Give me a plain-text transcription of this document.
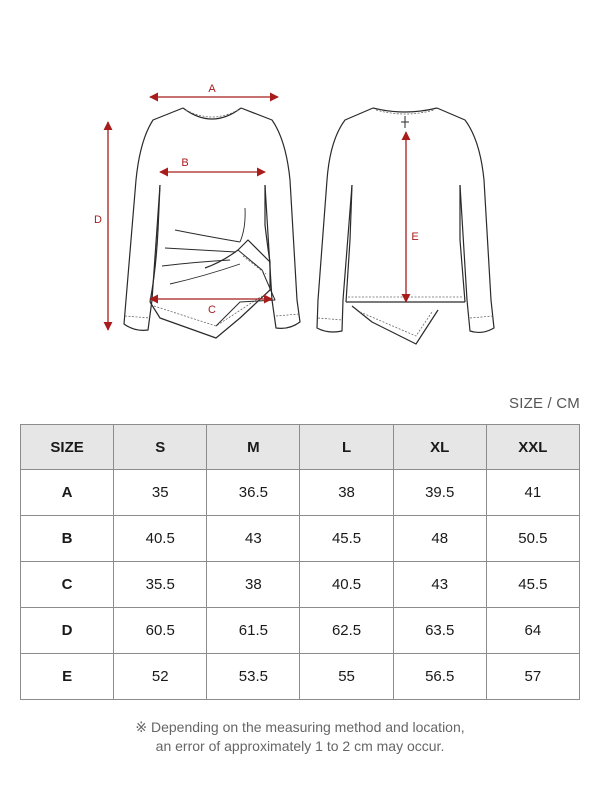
A
B
C
D
E
SIZE / CM
SIZE	S	M	L	XL	XXL
A	35	36.5	38	39.5	41
B	40.5	43	45.5	48	50.5
C	35.5	38	40.5	43	45.5
D	60.5	61.5	62.5	63.5	64
E	52	53.5	55	56.5	57
※ Depending on the measuring method and location,
an error of approximately 1 to 2 cm may occur.
